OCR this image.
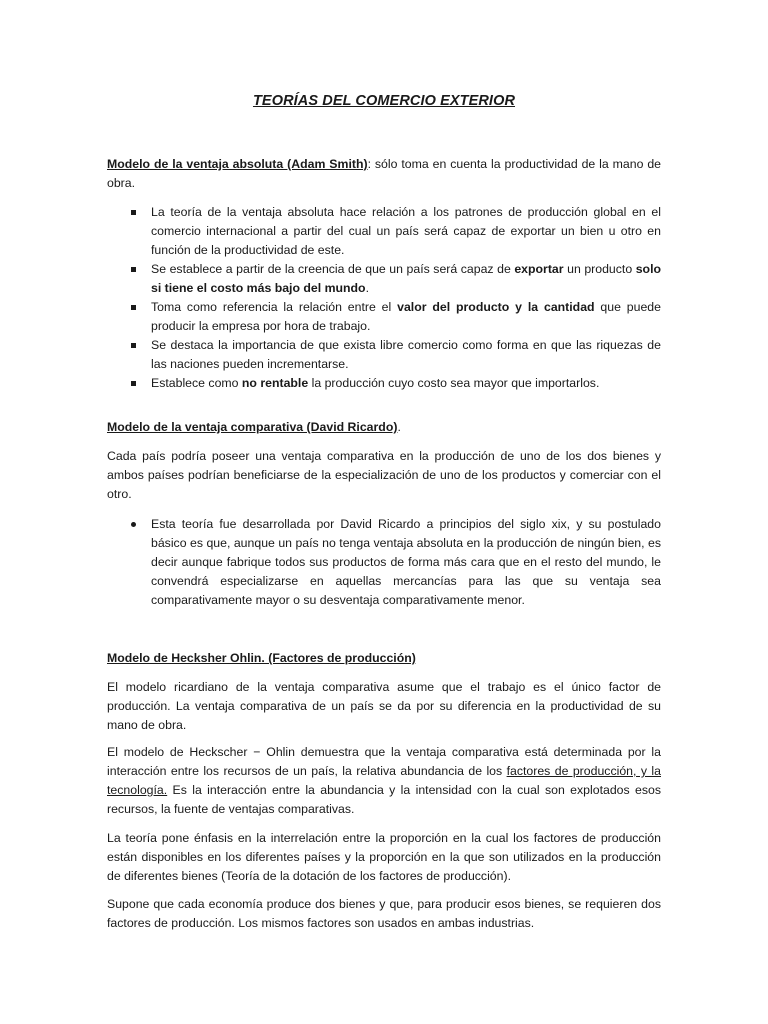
TEORÍAS DEL COMERCIO EXTERIOR

Modelo de la ventaja absoluta (Adam Smith): sólo toma en cuenta la productividad de la mano de obra.

La teoría de la ventaja absoluta hace relación a los patrones de producción global en el comercio internacional a partir del cual un país será capaz de exportar un bien u otro en función de la productividad de este.
Se establece a partir de la creencia de que un país será capaz de exportar un producto solo si tiene el costo más bajo del mundo.
Toma como referencia la relación entre el valor del producto y la cantidad que puede producir la empresa por hora de trabajo.
Se destaca la importancia de que exista libre comercio como forma en que las riquezas de las naciones pueden incrementarse.
Establece como no rentable la producción cuyo costo sea mayor que importarlos.

Modelo de la ventaja comparativa (David Ricardo).

Cada país podría poseer una ventaja comparativa en la producción de uno de los dos bienes y ambos países podrían beneficiarse de la especialización de uno de los productos y comerciar con el otro.

Esta teoría fue desarrollada por David Ricardo a principios del siglo xix, y su postulado básico es que, aunque un país no tenga ventaja absoluta en la producción de ningún bien, es decir aunque fabrique todos sus productos de forma más cara que en el resto del mundo, le convendrá especializarse en aquellas mercancías para las que su ventaja sea comparativamente mayor o su desventaja comparativamente menor.

Modelo de Hecksher Ohlin. (Factores de producción)

El modelo ricardiano de la ventaja comparativa asume que el trabajo es el único factor de producción. La ventaja comparativa de un país se da por su diferencia en la productividad de su mano de obra.

El modelo de Heckscher − Ohlin demuestra que la ventaja comparativa está determinada por la interacción entre los recursos de un país, la relativa abundancia de los factores de producción, y la tecnología. Es la interacción entre la abundancia y la intensidad con la cual son explotados esos recursos, la fuente de ventajas comparativas.

La teoría pone énfasis en la interrelación entre la proporción en la cual los factores de producción están disponibles en los diferentes países y la proporción en la que son utilizados en la producción de diferentes bienes (Teoría de la dotación de los factores de producción).

Supone que cada economía produce dos bienes y que, para producir esos bienes, se requieren dos factores de producción. Los mismos factores son usados en ambas industrias.
